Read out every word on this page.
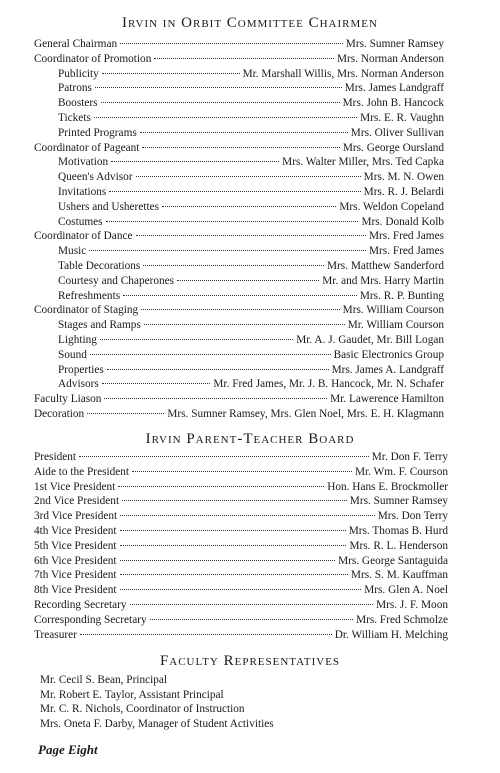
Irvin in Orbit Committee Chairmen
General Chairman	Mrs. Sumner Ramsey
Coordinator of Promotion	Mrs. Norman Anderson
Publicity	Mr. Marshall Willis, Mrs. Norman Anderson
Patrons	Mrs. James Landgraff
Boosters	Mrs. John B. Hancock
Tickets	Mrs. E. R. Vaughn
Printed Programs	Mrs. Oliver Sullivan
Coordinator of Pageant	Mrs. George Oursland
Motivation	Mrs. Walter Miller, Mrs. Ted Capka
Queen's Advisor	Mrs. M. N. Owen
Invitations	Mrs. R. J. Belardi
Ushers and Usherettes	Mrs. Weldon Copeland
Costumes	Mrs. Donald Kolb
Coordinator of Dance	Mrs. Fred James
Music	Mrs. Fred James
Table Decorations	Mrs. Matthew Sanderford
Courtesy and Chaperones	Mr. and Mrs. Harry Martin
Refreshments	Mrs. R. P. Bunting
Coordinator of Staging	Mrs. William Courson
Stages and Ramps	Mr. William Courson
Lighting	Mr. A. J. Gaudet, Mr. Bill Logan
Sound	Basic Electronics Group
Properties	Mrs. James A. Landgraff
Advisors	Mr. Fred James, Mr. J. B. Hancock, Mr. N. Schafer
Faculty Liason	Mr. Lawerence Hamilton
Decoration	Mrs. Sumner Ramsey, Mrs. Glen Noel, Mrs. E. H. Klagmann
Irvin Parent-Teacher Board
President	Mr. Don F. Terry
Aide to the President	Mr. Wm. F. Courson
1st Vice President	Hon. Hans E. Brockmoller
2nd Vice President	Mrs. Sumner Ramsey
3rd Vice President	Mrs. Don Terry
4th Vice President	Mrs. Thomas B. Hurd
5th Vice President	Mrs. R. L. Henderson
6th Vice President	Mrs. George Santaguida
7th Vice President	Mrs. S. M. Kauffman
8th Vice President	Mrs. Glen A. Noel
Recording Secretary	Mrs. J. F. Moon
Corresponding Secretary	Mrs. Fred Schmolze
Treasurer	Dr. William H. Melching
Faculty Representatives
Mr. Cecil S. Bean, Principal
Mr. Robert E. Taylor, Assistant Principal
Mr. C. R. Nichols, Coordinator of Instruction
Mrs. Oneta F. Darby, Manager of Student Activities
Page Eight
